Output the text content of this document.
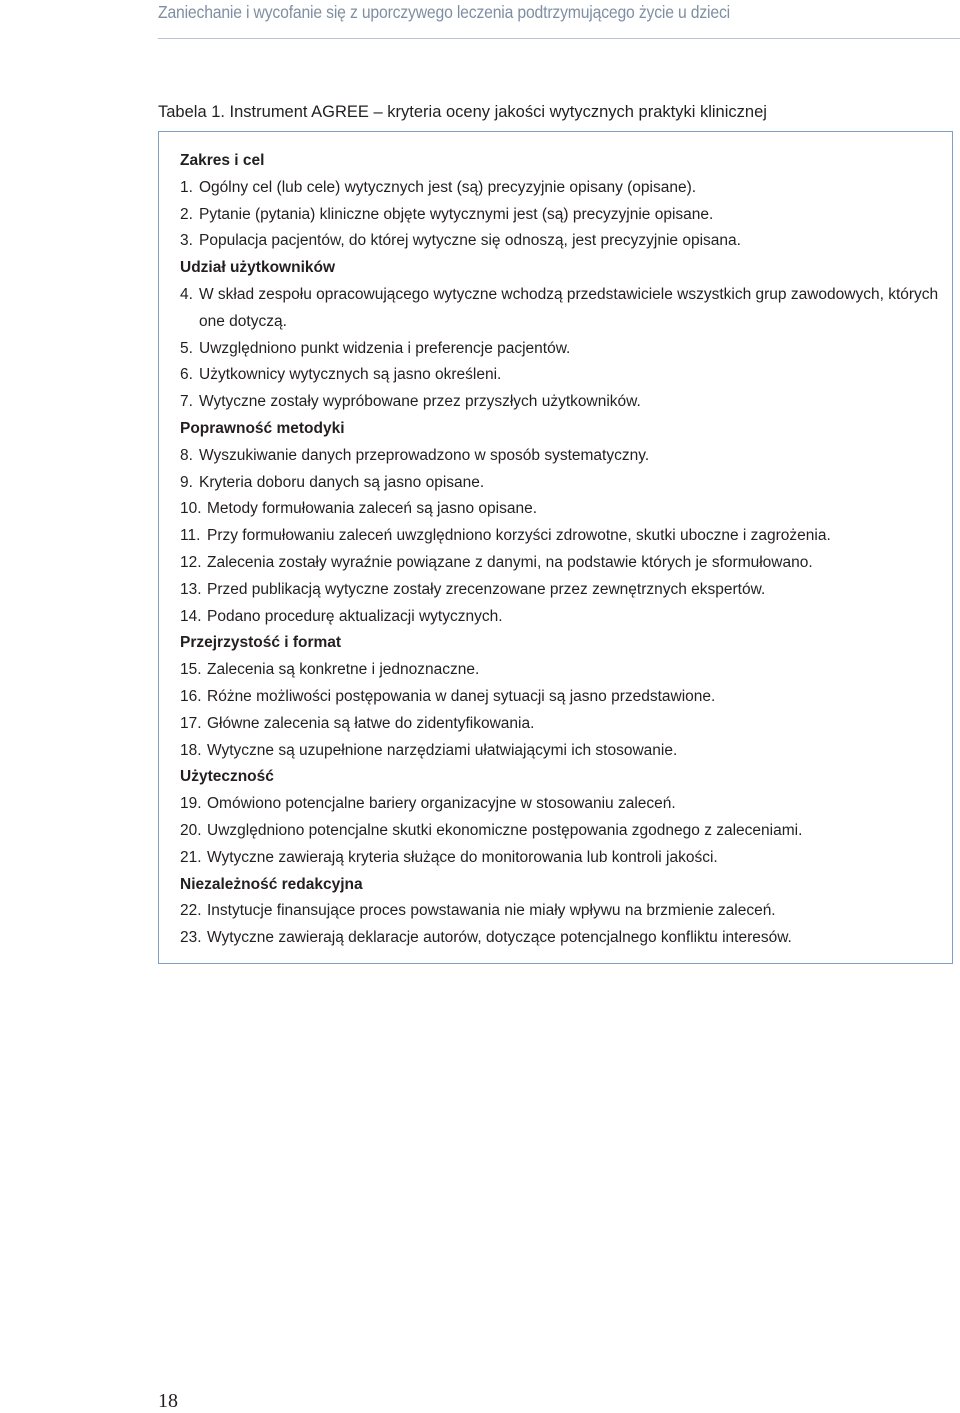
Zaniechanie i wycofanie się z uporczywego leczenia podtrzymującego życie u dzieci
Tabela 1. Instrument AGREE – kryteria oceny jakości wytycznych praktyki klinicznej
Zakres i cel
1. Ogólny cel (lub cele) wytycznych jest (są) precyzyjnie opisany (opisane).
2. Pytanie (pytania) kliniczne objęte wytycznymi jest (są) precyzyjnie opisane.
3. Populacja pacjentów, do której wytyczne się odnoszą, jest precyzyjnie opisana.
Udział użytkowników
4. W skład zespołu opracowującego wytyczne wchodzą przedstawiciele wszystkich grup zawodowych, których one dotyczą.
5. Uwzględniono punkt widzenia i preferencje pacjentów.
6. Użytkownicy wytycznych są jasno określeni.
7. Wytyczne zostały wypróbowane przez przyszłych użytkowników.
Poprawność metodyki
8. Wyszukiwanie danych przeprowadzono w sposób systematyczny.
9. Kryteria doboru danych są jasno opisane.
10. Metody formułowania zaleceń są jasno opisane.
11. Przy formułowaniu zaleceń uwzględniono korzyści zdrowotne, skutki uboczne i zagrożenia.
12. Zalecenia zostały wyraźnie powiązane z danymi, na podstawie których je sformułowano.
13. Przed publikacją wytyczne zostały zrecenzowane przez zewnętrznych ekspertów.
14. Podano procedurę aktualizacji wytycznych.
Przejrzystość i format
15. Zalecenia są konkretne i jednoznaczne.
16. Różne możliwości postępowania w danej sytuacji są jasno przedstawione.
17. Główne zalecenia są łatwe do zidentyfikowania.
18. Wytyczne są uzupełnione narzędziami ułatwiającymi ich stosowanie.
Użyteczność
19. Omówiono potencjalne bariery organizacyjne w stosowaniu zaleceń.
20. Uwzględniono potencjalne skutki ekonomiczne postępowania zgodnego z zaleceniami.
21. Wytyczne zawierają kryteria służące do monitorowania lub kontroli jakości.
Niezależność redakcyjna
22. Instytucje finansujące proces powstawania nie miały wpływu na brzmienie zaleceń.
23. Wytyczne zawierają deklaracje autorów, dotyczące potencjalnego konfliktu interesów.
18
